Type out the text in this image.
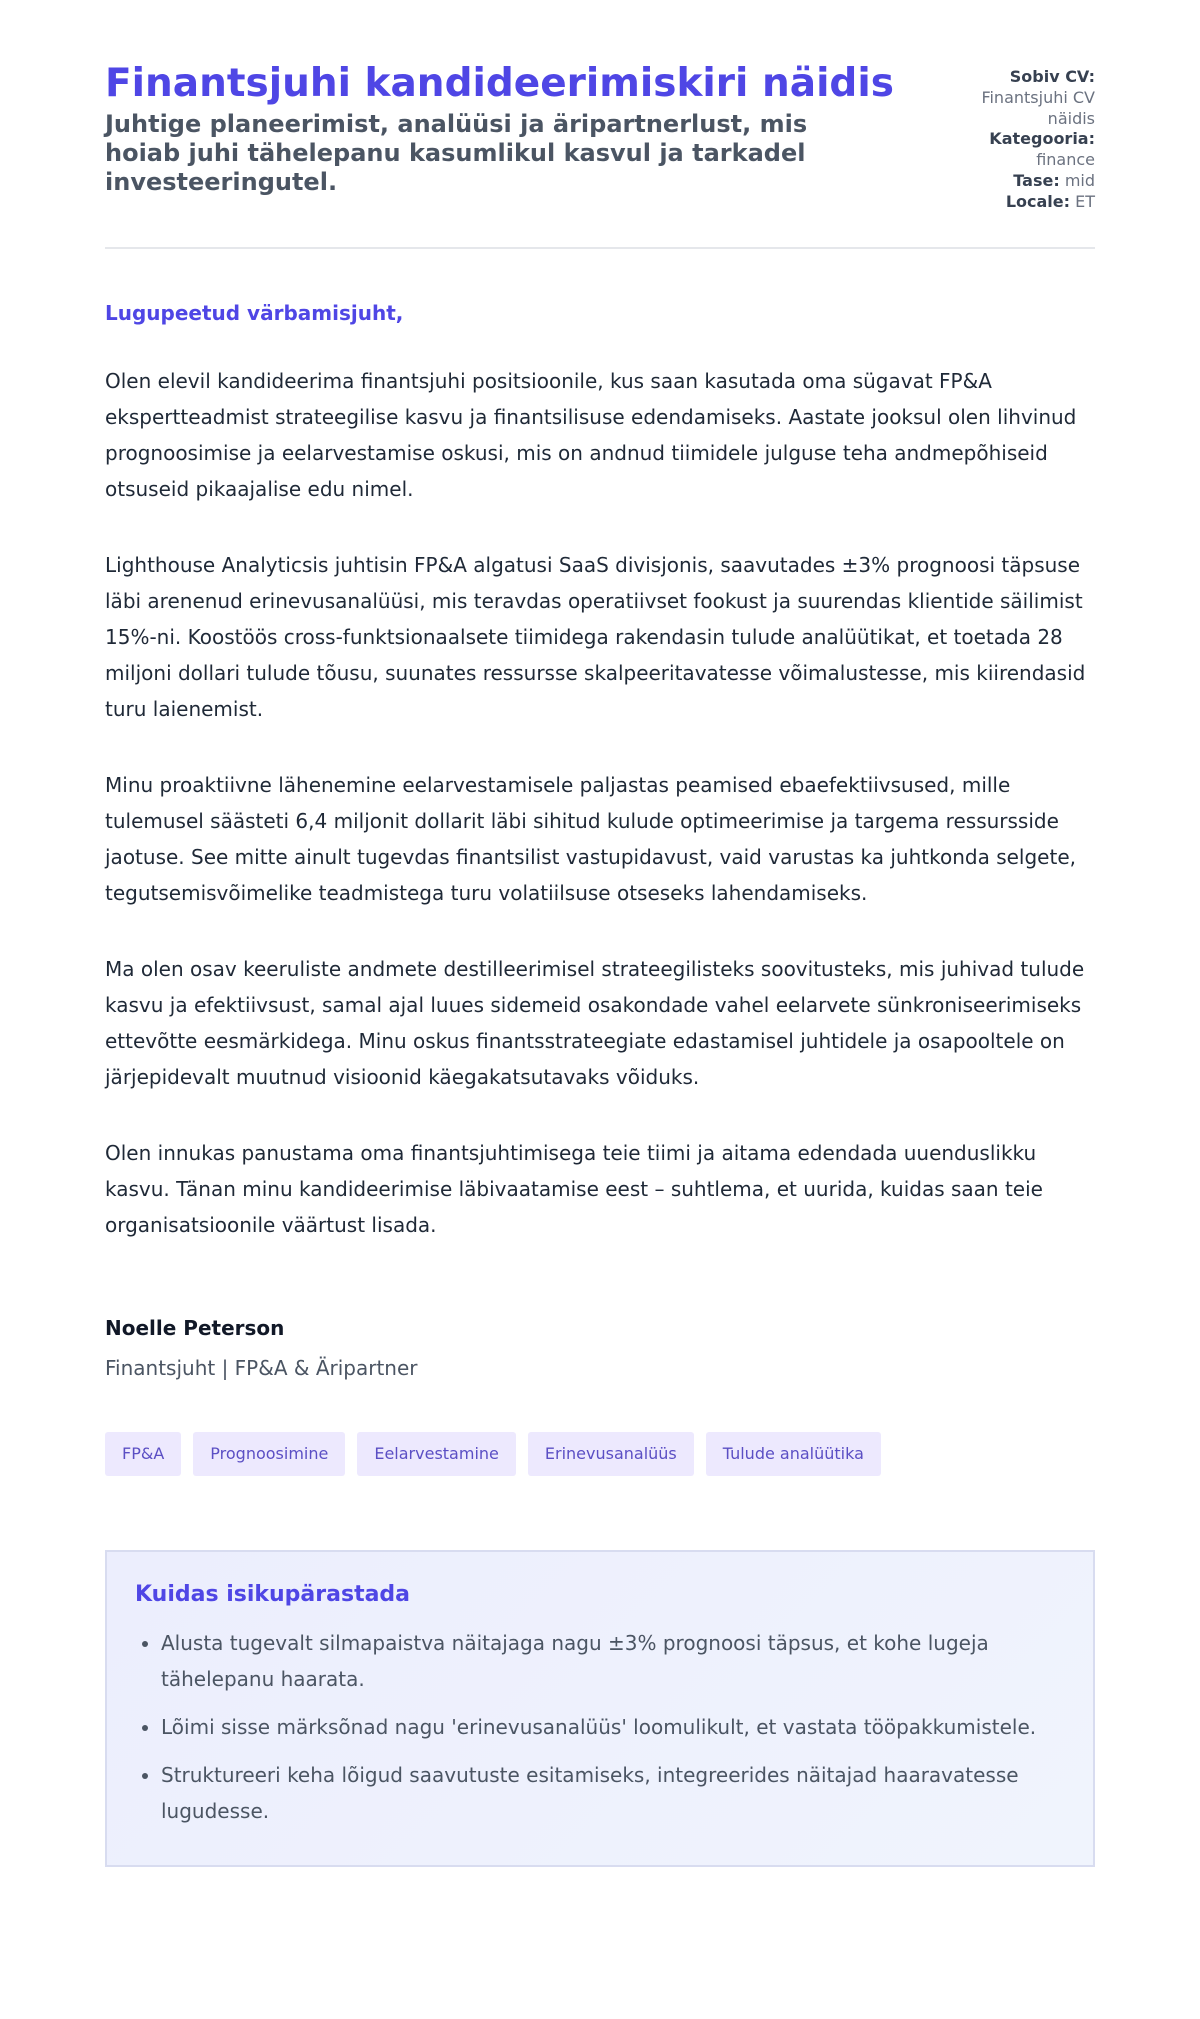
Finantsjuhi kandideerimiskiri näidis

Juhtige planeerimist, analüüsi ja äripartnerlust, mis hoiab juhi tähelepanu kasumlikul kasvul ja tarkadel investeeringutel.

Sobiv CV:
Finantsjuhi CV näidis
Kategooria:
finance
Tase: mid
Locale: ET
Lugupeetud värbamisjuht,

Olen elevil kandideerima finantsjuhi positsioonile, kus saan kasutada oma sügavat FP&A ekspertteadmist strateegilise kasvu ja finantsilisuse edendamiseks. Aastate jooksul olen lihvinud prognoosimise ja eelarvestamise oskusi, mis on andnud tiimidele julguse teha andmepõhiseid otsuseid pikaajalise edu nimel.

Lighthouse Analyticsis juhtisin FP&A algatusi SaaS divisjonis, saavutades ±3% prognoosi täpsuse läbi arenenud erinevusanalüüsi, mis teravdas operatiivset fookust ja suurendas klientide säilimist 15%-ni. Koostöös cross-funktsionaalsete tiimidega rakendasin tulude analüütikat, et toetada 28 miljoni dollari tulude tõusu, suunates ressursse skalpeeritavatesse võimalustesse, mis kiirendasid turu laienemist.

Minu proaktiivne lähenemine eelarvestamisele paljastas peamised ebaefektiivsused, mille tulemusel säästeti 6,4 miljonit dollarit läbi sihitud kulude optimeerimise ja targema ressursside jaotuse. See mitte ainult tugevdas finantsilist vastupidavust, vaid varustas ka juhtkonda selgete, tegutsemisvõimelike teadmistega turu volatiilsuse otseseks lahendamiseks.

Ma olen osav keeruliste andmete destilleerimisel strateegilisteks soovitusteks, mis juhivad tulude kasvu ja efektiivsust, samal ajal luues sidemeid osakondade vahel eelarvete sünkroniseerimiseks ettevõtte eesmärkidega. Minu oskus finantsstrateegiate edastamisel juhtidele ja osapooltele on järjepidevalt muutnud visioonid käegakatsutavaks võiduks.

Olen innukas panustama oma finantsjuhtimisega teie tiimi ja aitama edendada uuenduslikku kasvu. Tänan minu kandideerimise läbivaatamise eest – suhtlema, et uurida, kuidas saan teie organisatsioonile väärtust lisada.

Noelle Peterson
Finantsjuht | FP&A & Äripartner
FP&A	Prognoosimine	Eelarvestamine	Erinevusanalüüs	Tulude analüütika
Kuidas isikupärastada
• Alusta tugevalt silmapaistva näitajaga nagu ±3% prognoosi täpsus, et kohe lugeja tähelepanu haarata.
• Lõimi sisse märksõnad nagu 'erinevusanalüüs' loomulikult, et vastata tööpakkumistele.
• Struktureeri keha lõigud saavutuste esitamiseks, integreerides näitajad haaravatesse lugudesse.
